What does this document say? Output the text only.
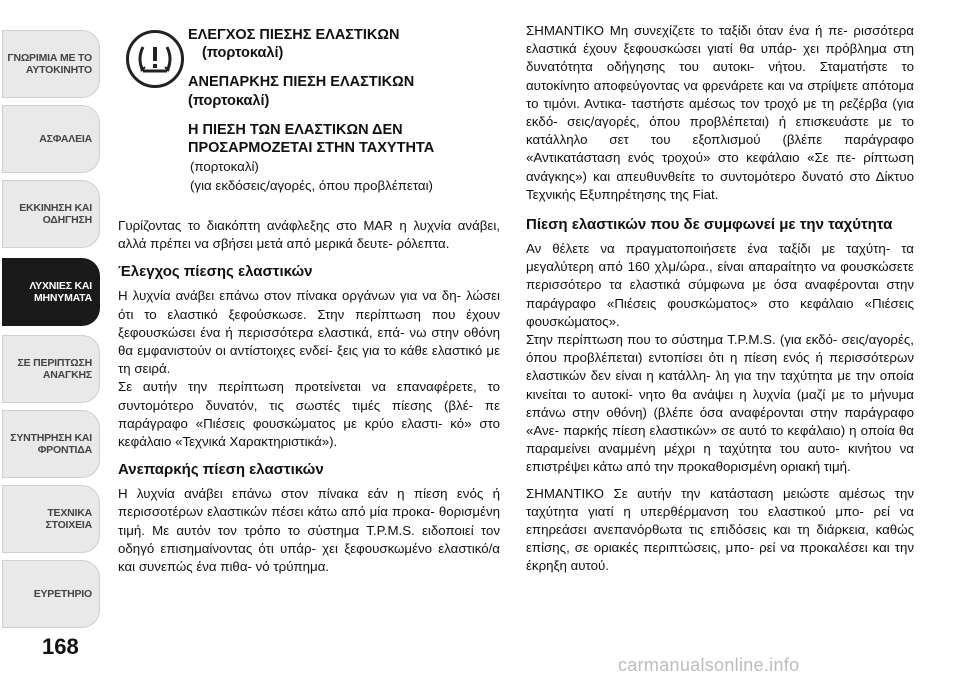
ΓΝΩΡΙΜΙΑ ΜΕ ΤΟ
ΑΥΤΟΚΙΝΗΤΟ
ΑΣΦΑΛΕΙΑ
ΕΚΚΙΝΗΣΗ ΚΑΙ
ΟΔΗΓΗΣΗ
ΛΥΧΝΙΕΣ ΚΑΙ
ΜΗΝΥΜΑΤΑ
ΣΕ ΠΕΡΙΠΤΩΣΗ
ΑΝΑΓΚΗΣ
ΣΥΝΤΗΡΗΣΗ ΚΑΙ
ΦΡΟΝΤΙΔΑ
ΤΕΧΝΙΚΑ ΣΤΟΙΧΕΙΑ
ΕΥΡΕΤΗΡΙΟ
168
ΕΛΕΓΧΟΣ ΠΙΕΣΗΣ ΕΛΑΣΤΙΚΩΝ
(πορτοκαλί)
ΑΝΕΠΑΡΚΗΣ ΠΙΕΣΗ ΕΛΑΣΤΙΚΩΝ
(πορτοκαλί)
Η ΠΙΕΣΗ ΤΩΝ ΕΛΑΣΤΙΚΩΝ ΔΕΝ
ΠΡΟΣΑΡΜΟΖΕΤΑΙ ΣΤΗΝ ΤΑΧΥΤΗΤΑ
(πορτοκαλί)
(για εκδόσεις/αγορές, όπου προβλέπεται)

Γυρίζοντας το διακόπτη ανάφλεξης στο MAR η λυχνία ανάβει, αλλά πρέπει να σβήσει μετά από μερικά δευτε- ρόλεπτα.

Έλεγχος πίεσης ελαστικών

Η λυχνία ανάβει επάνω στον πίνακα οργάνων για να δη- λώσει ότι το ελαστικό ξεφούσκωσε. Στην περίπτωση που έχουν ξεφουσκώσει ένα ή περισσότερα ελαστικά, επά- νω στην οθόνη θα εμφανιστούν οι αντίστοιχες ενδεί- ξεις για το κάθε ελαστικό με τη σειρά.

Σε αυτήν την περίπτωση προτείνεται να επαναφέρετε, το συντομότερο δυνατόν, τις σωστές τιμές πίεσης (βλέ- πε παράγραφο «Πιέσεις φουσκώματος με κρύο ελαστι- κό» στο κεφάλαιο «Τεχνικά Χαρακτηριστικά»).

Ανεπαρκής πίεση ελαστικών

Η λυχνία ανάβει επάνω στον πίνακα εάν η πίεση ενός ή περισσοτέρων ελαστικών πέσει κάτω από μία προκα- θορισμένη τιμή. Με αυτόν τον τρόπο το σύστημα T.P.M.S. ειδοποιεί τον οδηγό επισημαίνοντας ότι υπάρ- χει ξεφουσκωμένο ελαστικό/α και συνεπώς ένα πιθα- νό τρύπημα.

ΣΗΜΑΝΤΙΚΟ Μη συνεχίζετε το ταξίδι όταν ένα ή πε- ρισσότερα ελαστικά έχουν ξεφουσκώσει γιατί θα υπάρ- χει πρόβλημα στη δυνατότητα οδήγησης του αυτοκι- νήτου. Σταματήστε το αυτοκίνητο αποφεύγοντας να φρενάρετε και να στρίψετε απότομα το τιμόνι. Αντικα- ταστήστε αμέσως τον τροχό με τη ρεζέρβα (για εκδό- σεις/αγορές, όπου προβλέπεται) ή επισκευάστε με το κατάλληλο σετ του εξοπλισμού (βλέπε παράγραφο «Αντικατάσταση ενός τροχού» στο κεφάλαιο «Σε πε- ρίπτωση ανάγκης») και απευθυνθείτε το συντομότερο δυνατό στο Δίκτυο Τεχνικής Εξυπηρέτησης της Fiat.

Πίεση ελαστικών που δε συμφωνεί με την ταχύτητα

Αν θέλετε να πραγματοποιήσετε ένα ταξίδι με ταχύτη- τα μεγαλύτερη από 160 χλμ/ώρα., είναι απαραίτητο να φουσκώσετε περισσότερο τα ελαστικά σύμφωνα με όσα αναφέρονται στην παράγραφο «Πιέσεις φουσκώματος» στο κεφάλαιο «Πιέσεις φουσκώματος».

Στην περίπτωση που το σύστημα T.P.M.S. (για εκδό- σεις/αγορές, όπου προβλέπεται) εντοπίσει ότι η πίεση ενός ή περισσότερων ελαστικών δεν είναι η κατάλλη- λη για την ταχύτητα με την οποία κινείται το αυτοκί- νητο θα ανάψει η λυχνία (μαζί με το μήνυμα επάνω στην οθόνη) (βλέπε όσα αναφέρονται στην παράγραφο «Ανε- παρκής πίεση ελαστικών» σε αυτό το κεφάλαιο) η οποία θα παραμείνει αναμμένη μέχρι η ταχύτητα του αυτο- κινήτου να επιστρέψει κάτω από την προκαθορισμένη οριακή τιμή.

ΣΗΜΑΝΤΙΚΟ Σε αυτήν την κατάσταση μειώστε αμέσως την ταχύτητα γιατί η υπερθέρμανση του ελαστικού μπο- ρεί να επηρεάσει ανεπανόρθωτα τις επιδόσεις και τη διάρκεια, καθώς επίσης, σε οριακές περιπτώσεις, μπο- ρεί να προκαλέσει και την έκρηξη αυτού.

carmanualsonline.info
